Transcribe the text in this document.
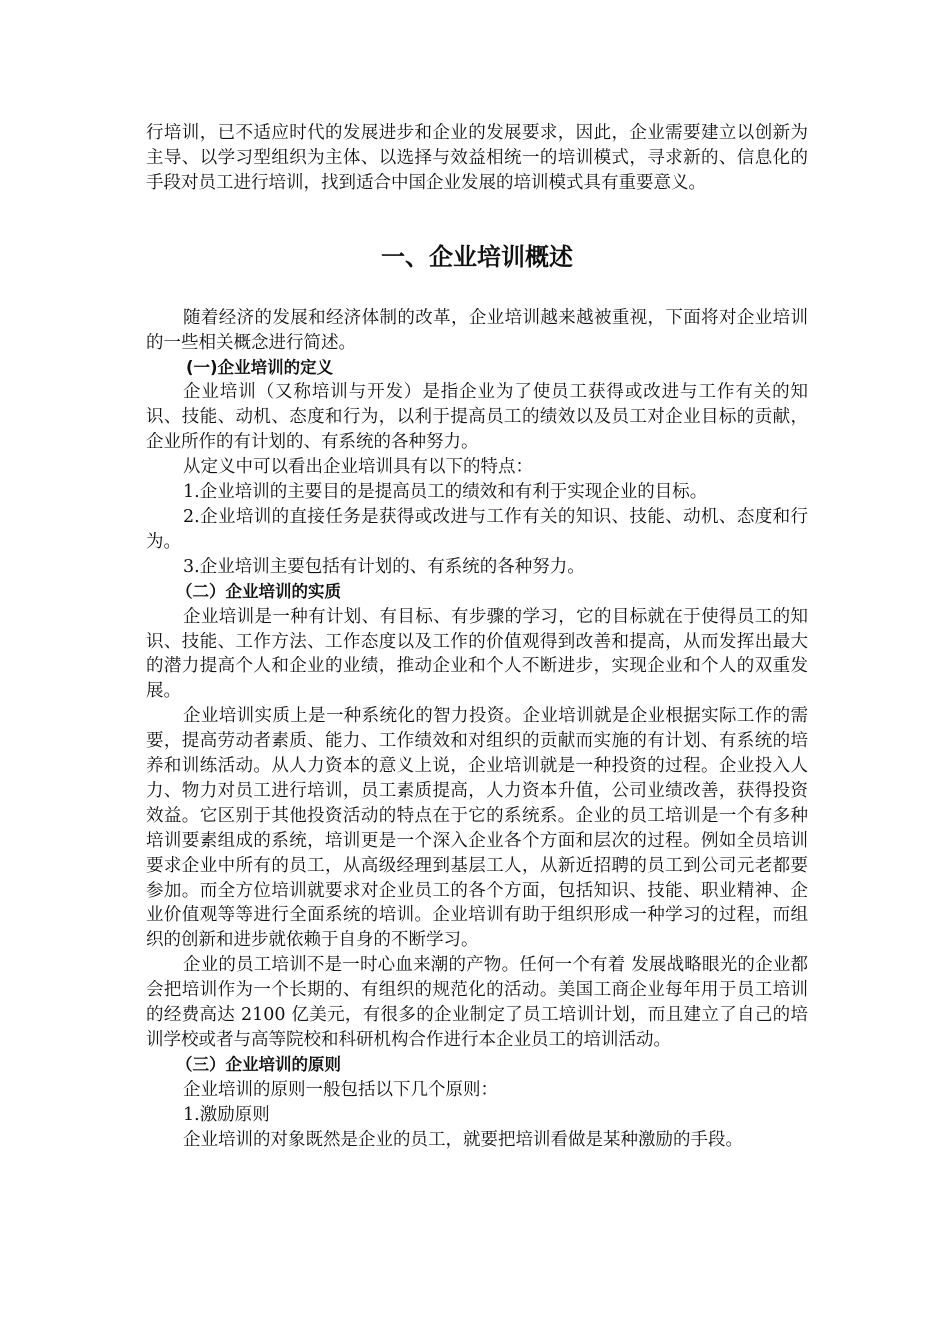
行培训，已不适应时代的发展进步和企业的发展要求，因此，企业需要建立以创新为主导、以学习型组织为主体、以选择与效益相统一的培训模式，寻求新的、信息化的手段对员工进行培训，找到适合中国企业发展的培训模式具有重要意义。

一、企业培训概述

随着经济的发展和经济体制的改革，企业培训越来越被重视，下面将对企业培训的一些相关概念进行简述。

(一)企业培训的定义

企业培训（又称培训与开发）是指企业为了使员工获得或改进与工作有关的知识、技能、动机、态度和行为，以利于提高员工的绩效以及员工对企业目标的贡献，企业所作的有计划的、有系统的各种努力。

从定义中可以看出企业培训具有以下的特点：

1.企业培训的主要目的是提高员工的绩效和有利于实现企业的目标。

2.企业培训的直接任务是获得或改进与工作有关的知识、技能、动机、态度和行为。

3.企业培训主要包括有计划的、有系统的各种努力。

（二）企业培训的实质

企业培训是一种有计划、有目标、有步骤的学习，它的目标就在于使得员工的知识、技能、工作方法、工作态度以及工作的价值观得到改善和提高，从而发挥出最大的潜力提高个人和企业的业绩，推动企业和个人不断进步，实现企业和个人的双重发展。

企业培训实质上是一种系统化的智力投资。企业培训就是企业根据实际工作的需要，提高劳动者素质、能力、工作绩效和对组织的贡献而实施的有计划、有系统的培养和训练活动。从人力资本的意义上说，企业培训就是一种投资的过程。企业投入人力、物力对员工进行培训，员工素质提高，人力资本升值，公司业绩改善，获得投资效益。它区别于其他投资活动的特点在于它的系统系。企业的员工培训是一个有多种培训要素组成的系统，培训更是一个深入企业各个方面和层次的过程。例如全员培训要求企业中所有的员工，从高级经理到基层工人，从新近招聘的员工到公司元老都要参加。而全方位培训就要求对企业员工的各个方面，包括知识、技能、职业精神、企业价值观等等进行全面系统的培训。企业培训有助于组织形成一种学习的过程，而组织的创新和进步就依赖于自身的不断学习。

企业的员工培训不是一时心血来潮的产物。任何一个有着 发展战略眼光的企业都会把培训作为一个长期的、有组织的规范化的活动。美国工商企业每年用于员工培训的经费高达 2100 亿美元，有很多的企业制定了员工培训计划，而且建立了自己的培训学校或者与高等院校和科研机构合作进行本企业员工的培训活动。

（三）企业培训的原则

企业培训的原则一般包括以下几个原则：

1.激励原则

企业培训的对象既然是企业的员工，就要把培训看做是某种激励的手段。
